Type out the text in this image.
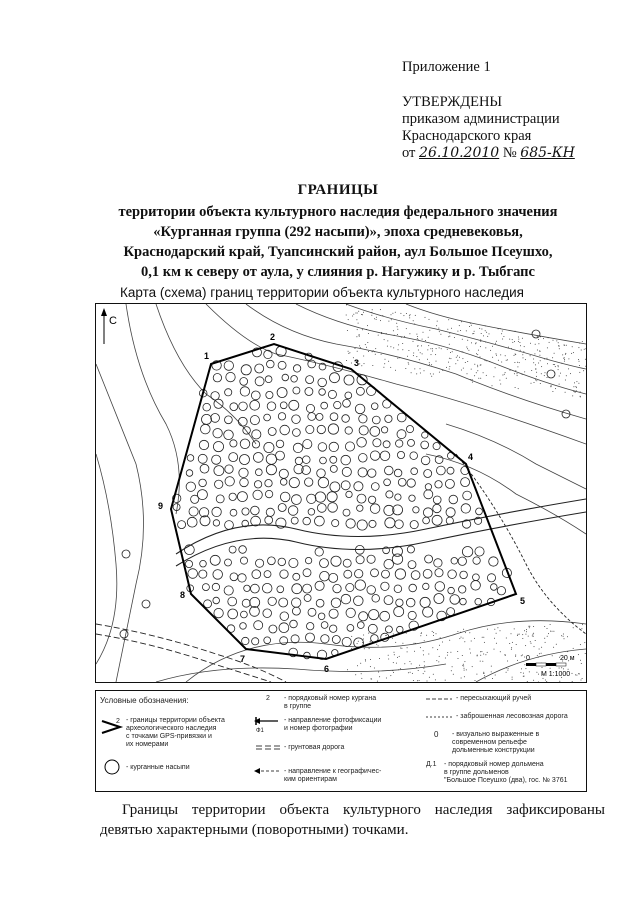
Приложение 1
УТВЕРЖДЕНЫ
приказом администрации
Краснодарского края
от 26.10.2010 № 685-КН
ГРАНИЦЫ
территории объекта культурного наследия федерального значения
«Курганная группа (292 насыпи)», эпоха средневековья,
Краснодарский край, Туапсинский район, аул Большое Псеушхо,
0,1 км к северу от аула, у слияния р. Нагужику и р. Тыбгапс
Карта (схема) границ территории объекта культурного наследия
1
2
3
4
5
6
7
8
9
С
0	20 м
М 1:1000
Условные обозначения:
2 - границы территории объекта
археологического наследия
с точками GPS-привязки и
их номерами
- курганные насыпи
2 - порядковый номер кургана
в группе
Ф1
- направление фотофиксации
и номер фотографии
- грунтовая дорога
- направление к географичес-
ким ориентирам
- пересыхающий ручей
- заброшенная лесовозная дорога
0 - визуально выраженные в
современном рельефе
дольменные конструкции
Д.1 - порядковый номер дольмена
в группе дольменов
"Большое Псеушхо (два), гос. № 3761
Границы территории объекта культурного наследия зафиксированы девятью характерными (поворотными) точками.
